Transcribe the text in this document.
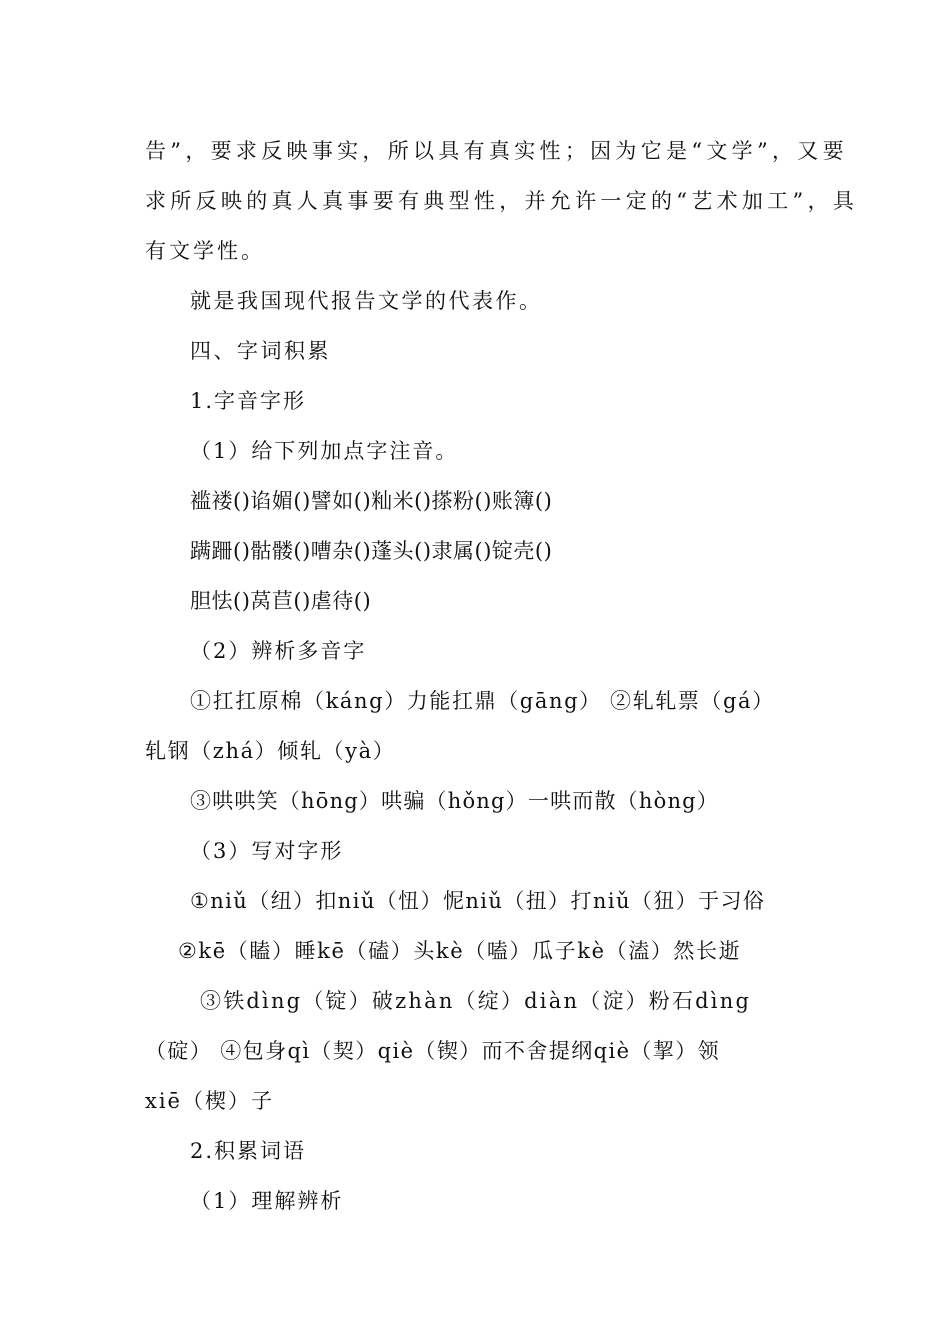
告”，要求反映事实，所以具有真实性；因为它是“文学”，又要
求所反映的真人真事要有典型性，并允许一定的“艺术加工”，具
有文学性。
就是我国现代报告文学的代表作。
四、字词积累
1.字音字形
（1）给下列加点字注音。
褴褛()谄媚()譬如()籼米()搽粉()账簿()
蹒跚()骷髅()嘈杂()蓬头()隶属()锭壳()
胆怯()莴苣()虐待()
（2）辨析多音字
①扛扛原棉（káng）力能扛鼎（gāng） ②轧轧票（gá）
轧钢（zhá）倾轧（yà）
③哄哄笑（hōng）哄骗（hǒng）一哄而散（hòng）
（3）写对字形
①niǔ（纽）扣niǔ（忸）怩niǔ（扭）打niǔ（狃）于习俗
②kē（瞌）睡kē（磕）头kè（嗑）瓜子kè（溘）然长逝
③铁dìng（锭）破zhàn（绽）diàn（淀）粉石dìng
（碇） ④包身qì（契）qiè（锲）而不舍提纲qiè（挈）领
xiē（楔）子
2.积累词语
（1）理解辨析
